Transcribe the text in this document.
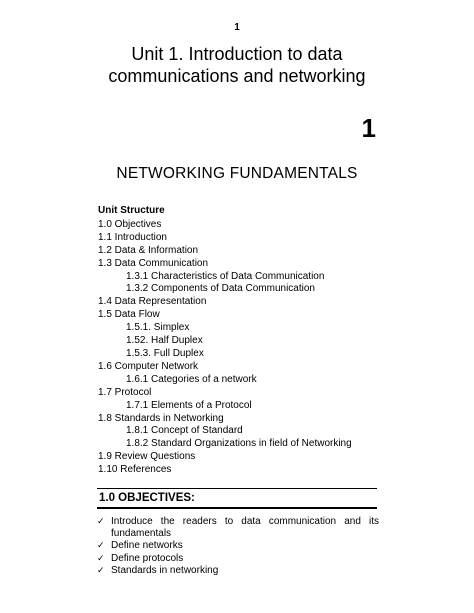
1
Unit 1. Introduction to data
communications and networking
1
NETWORKING FUNDAMENTALS
Unit Structure
1.0 Objectives
1.1 Introduction
1.2 Data & Information
1.3 Data Communication
1.3.1 Characteristics of Data Communication
1.3.2 Components of Data Communication
1.4 Data Representation
1.5 Data Flow
1.5.1. Simplex
1.52. Half Duplex
1.5.3. Full Duplex
1.6 Computer Network
1.6.1 Categories of a network
1.7 Protocol
1.7.1 Elements of a Protocol
1.8 Standards in Networking
1.8.1 Concept of Standard
1.8.2 Standard Organizations in field of Networking
1.9 Review Questions
1.10 References
1.0 OBJECTIVES:
✓ Introduce the readers to data communication and its
fundamentals
✓ Define networks
✓ Define protocols
✓ Standards in networking
